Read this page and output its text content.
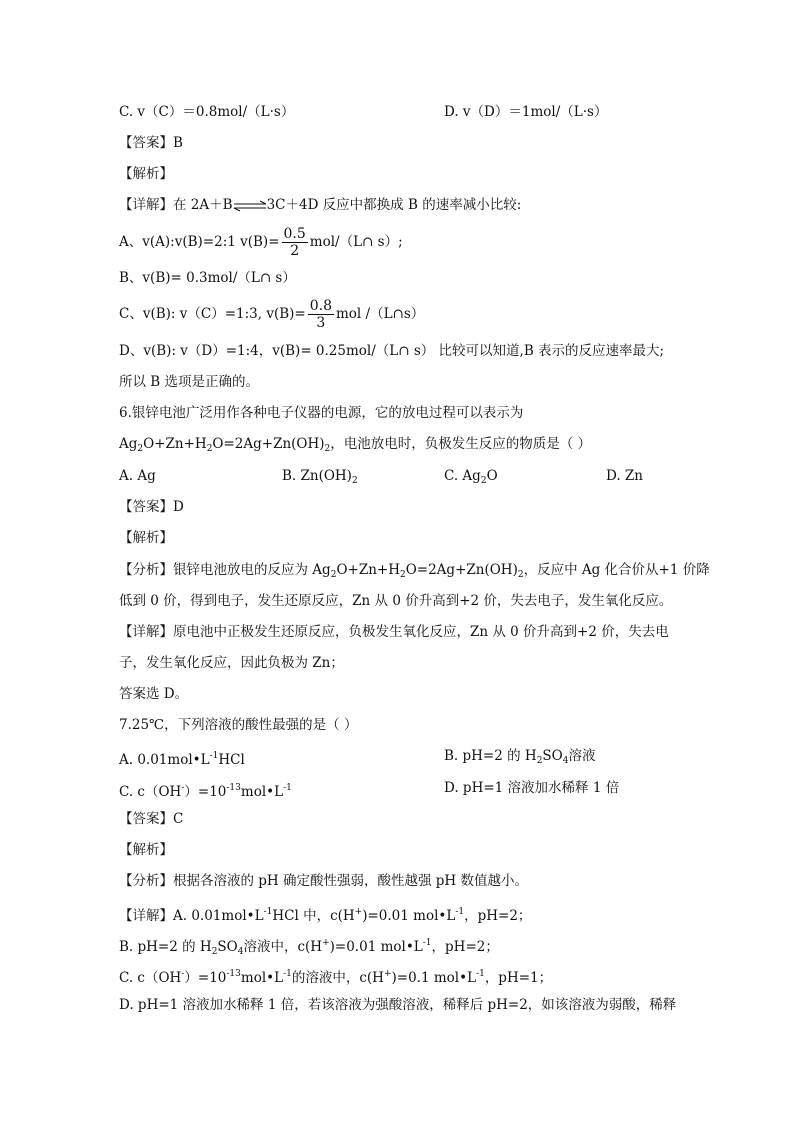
C. v（C）＝0.8mol/（L·s）	D. v（D）＝1mol/（L·s）
【答案】B
【解析】
【详解】在 2A＋B⇌3C＋4D 反应中都换成 B 的速率减小比较:
A、v(A):v(B)=2:1 $v(B)= \frac{0.5}{2}$ mol/（L∩ s）;
B、v(B)= 0.3mol/（L∩ s）
C、v(B): v（C）=1:3, $v(B)= \frac{0.8}{3}$ mol /（L∩s）
D、v(B): v（D）=1:4，v(B)= 0.25mol/（L∩ s） 比较可以知道,B 表示的反应速率最大;
所以 B 选项是正确的。
6.银锌电池广泛用作各种电子仪器的电源，它的放电过程可以表示为
$Ag_2O+Zn+H_2O=2Ag+Zn(OH)_2$，电池放电时，负极发生反应的物质是（ ）
A. Ag	B. $Zn(OH)_2$	C. $Ag_2O$	D. Zn
【答案】D
【解析】
【分析】银锌电池放电的反应为 $Ag_2O+Zn+H_2O=2Ag+Zn(OH)_2$，反应中 Ag 化合价从+1 价降
低到 0 价，得到电子，发生还原反应，Zn 从 0 价升高到+2 价，失去电子，发生氧化反应。
【详解】原电池中正极发生还原反应，负极发生氧化反应，Zn 从 0 价升高到+2 价，失去电
子，发生氧化反应，因此负极为 Zn；
答案选 D。
7.25℃，下列溶液的酸性最强的是（ ）
A. $0.01mol•L^{-1}HCl$	B. pH=2 的 $H_2SO_4$溶液
C. $c(OH^-)=10^{-13}mol•L^{-1}$	D. pH=1 溶液加水稀释 1 倍
【答案】C
【解析】
【分析】根据各溶液的 pH 确定酸性强弱，酸性越强 pH 数值越小。
【详解】A. $0.01mol•L^{-1}HCl$ 中，c(H+)=0.01 $mol•L^{-1}$，pH=2；
B. pH=2 的 $H_2SO_4$溶液中，c(H+)=0.01 $mol•L^{-1}$，pH=2；
C. $c(OH^-)=10^{-13}mol•L^{-1}$的溶液中，c(H+)=0.1 $mol•L^{-1}$，pH=1；
D. pH=1 溶液加水稀释 1 倍，若该溶液为强酸溶液，稀释后 pH=2，如该溶液为弱酸，稀释
